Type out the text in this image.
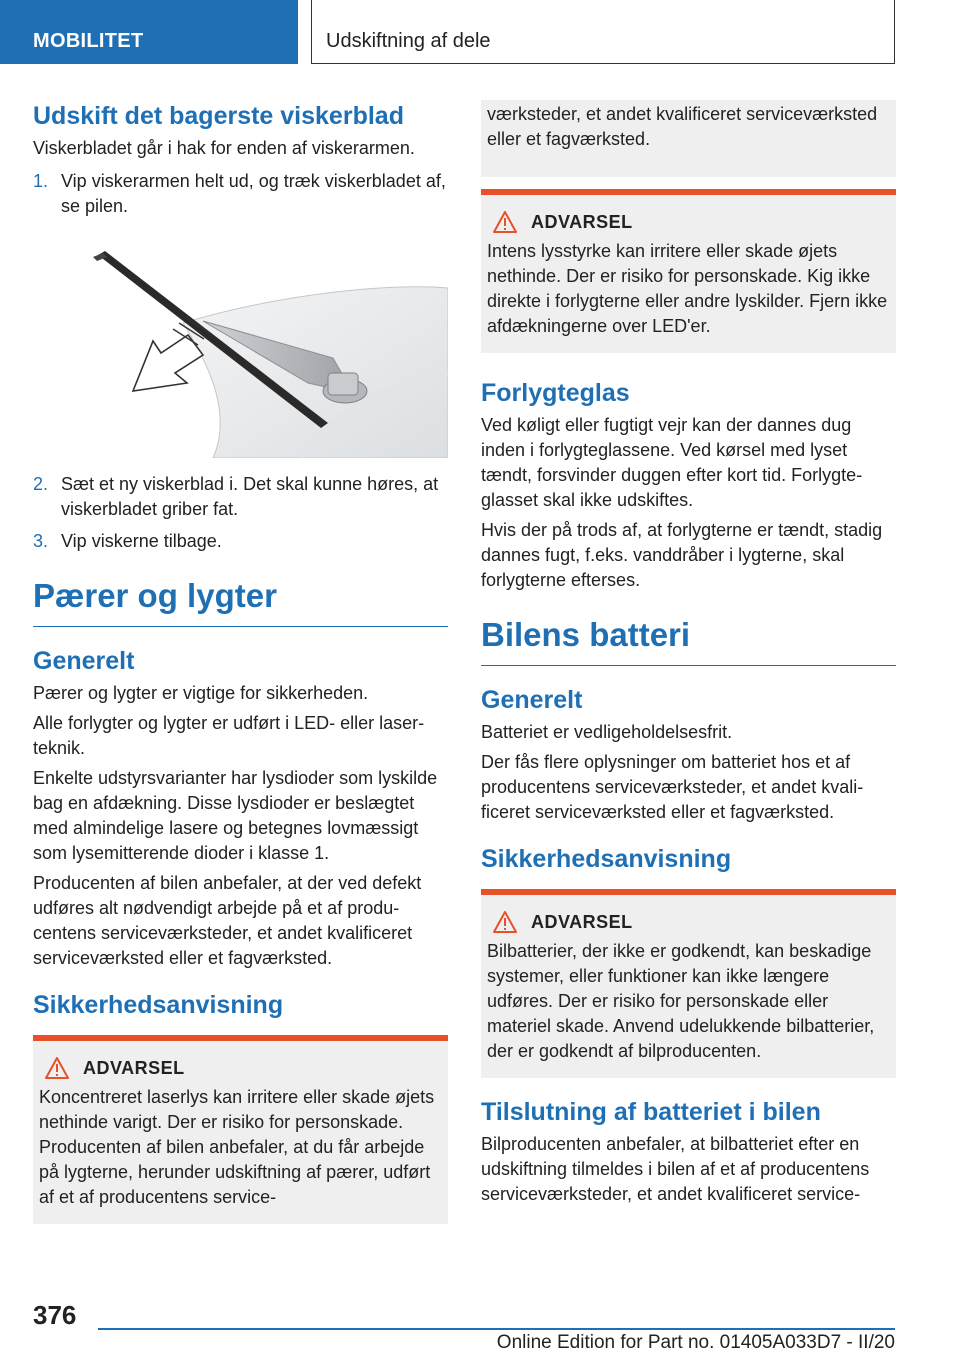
MOBILITET	Udskiftning af dele
Udskift det bagerste viskerblad
Viskerbladet går i hak for enden af viskerarmen.
1. Vip viskerarmen helt ud, og træk viskerbladet af, se pilen.
2. Sæt et ny viskerblad i. Det skal kunne høres, at viskerbladet griber fat.
3. Vip viskerne tilbage.
Pærer og lygter
Generelt
Pærer og lygter er vigtige for sikkerheden.
Alle forlygter og lygter er udført i LED- eller laserteknik.
Enkelte udstyrsvarianter har lysdioder som lyskilde bag en afdækning. Disse lysdioder er beslægtet med almindelige lasere og betegnes lovmæssigt som lysemitterende dioder i klasse 1.
Producenten af bilen anbefaler, at der ved defekt udføres alt nødvendigt arbejde på et af producentens serviceværksteder, et andet kvalificeret serviceværksted eller et fagværksted.
Sikkerhedsanvisning
ADVARSEL
Koncentreret laserlys kan irritere eller skade øjets nethinde varigt. Der er risiko for personskade. Producenten af bilen anbefaler, at du får arbejde på lygterne, herunder udskiftning af pærer, udført af et af producentens service-
værksteder, et andet kvalificeret serviceværksted eller et fagværksted.
ADVARSEL
Intens lysstyrke kan irritere eller skade øjets nethinde. Der er risiko for personskade. Kig ikke direkte i forlygterne eller andre lyskilder. Fjern ikke afdækningerne over LED'er.
Forlygteglas
Ved køligt eller fugtigt vejr kan der dannes dug inden i forlygteglassene. Ved kørsel med lyset tændt, forsvinder duggen efter kort tid. Forlygteglasset skal ikke udskiftes.
Hvis der på trods af, at forlygterne er tændt, stadig dannes fugt, f.eks. vanddråber i lygterne, skal forlygterne efterses.
Bilens batteri
Generelt
Batteriet er vedligeholdelsesfrit.
Der fås flere oplysninger om batteriet hos et af producentens serviceværksteder, et andet kvalificeret serviceværksted eller et fagværksted.
Sikkerhedsanvisning
ADVARSEL
Bilbatterier, der ikke er godkendt, kan beskadige systemer, eller funktioner kan ikke længere udføres. Der er risiko for personskade eller materiel skade. Anvend udelukkende bilbatterier, der er godkendt af bilproducenten.
Tilslutning af batteriet i bilen
Bilproducenten anbefaler, at bilbatteriet efter en udskiftning tilmeldes i bilen af et af producentens serviceværksteder, et andet kvalificeret service-
376
Online Edition for Part no. 01405A033D7 - II/20
